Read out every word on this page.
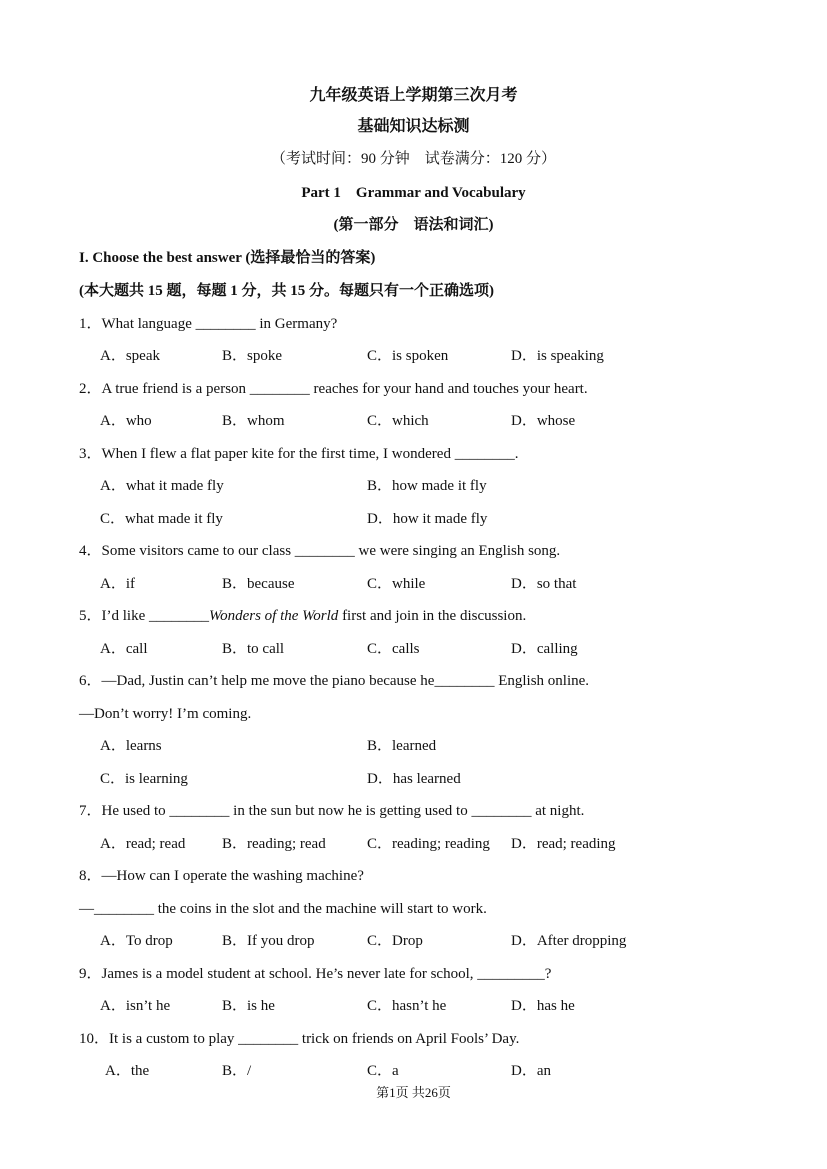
九年级英语上学期第三次月考
基础知识达标测
（考试时间：90 分钟　试卷满分：120 分）
Part 1　Grammar and Vocabulary
(第一部分　语法和词汇)
I. Choose the best answer (选择最恰当的答案)
(本大题共 15 题，每题 1 分，共 15 分。每题只有一个正确选项)
1．What language ________ in Germany?
A．speak	B．spoke	C．is spoken	D．is speaking
2．A true friend is a person ________ reaches for your hand and touches your heart.
A．who	B．whom	C．which	D．whose
3．When I flew a flat paper kite for the first time, I wondered ________.
A．what it made fly	B．how made it fly
C．what made it fly	D．how it made fly
4．Some visitors came to our class ________ we were singing an English song.
A．if	B．because	C．while	D．so that
5．I’d like ________Wonders of the World first and join in the discussion.
A．call	B．to call	C．calls	D．calling
6．—Dad, Justin can’t help me move the piano because he________ English online.
—Don’t worry! I’m coming.
A．learns	B．learned
C．is learning	D．has learned
7．He used to ________ in the sun but now he is getting used to ________ at night.
A．read; read B．reading; read	C．reading; reading D．read; reading
8．—How can I operate the washing machine?
—________ the coins in the slot and the machine will start to work.
A．To drop	B．If you drop	C．Drop	D．After dropping
9．James is a model student at school. He’s never late for school, _________?
A．isn’t he	B．is he	C．hasn’t he	D．has he
10．It is a custom to play ________ trick on friends on April Fools’ Day.
A．the	B．/	C．a	D．an
第1页 共26页
